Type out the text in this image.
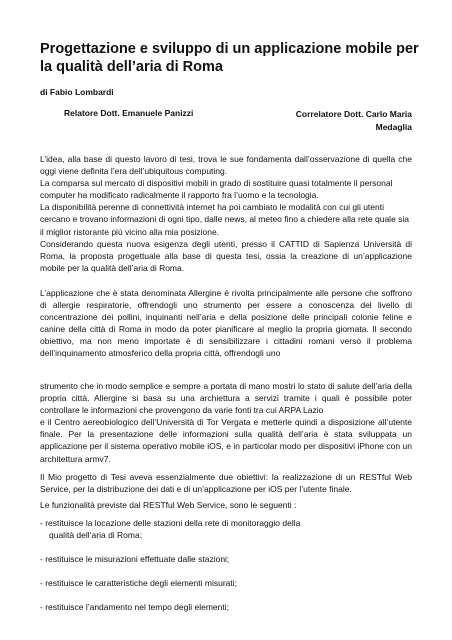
Progettazione e sviluppo di un applicazione mobile per la qualità dell’aria di Roma
di Fabio Lombardi
Relatore Dott. Emanuele Panizzi	Correlatore Dott. Carlo Maria Medaglia

L’idea, alla base di questo lavoro di tesi, trova le sue fondamenta dall’osservazione di quella che oggi viene definita l’era dell’ubiquitous computing.

La comparsa sul mercato di dispositivi mobili in grado di sostituire quasi totalmente il personal computer ha modificato radicalmente il rapporto fra l’uomo e la tecnologia.

La disponibilità perenne di connettività internet ha poi cambiato le modalità con cui gli utenti cercano e trovano informazioni di ogni tipo, dalle news, al meteo fino a chiedere alla rete quale sia il miglior ristorante più vicino alla mia posizione.

Considerando questa nuova esigenza degli utenti, presso il CATTID di Sapienza Università di Roma, la proposta progettuale alla base di questa tesi, ossia la creazione di un’applicazione mobile per la qualità dell’aria di Roma.
L’applicazione che è stata denominata Allergine è rivolta principalmente alle persone che soffrono di allergie respiratorie, offrendogli uno strumento per essere a conoscenza del livello di concentrazione dei pollini, inquinanti nell’aria e della posizione delle principali colonie feline e canine della città di Roma in modo da poter pianificare al meglio la propria giornata. Il secondo obiettivo, ma non meno importate è di sensibilizzare i cittadini romani verso il problema dell’inquinamento atmosferico della propria città, offrendogli uno

strumento che in modo semplice e sempre a portata di mano mostri lo stato di salute dell’aria della propria città. Allergine si basa su una archiettura a servizi tramite i quali è possibile poter controllare le informazioni che provengono da varie fonti tra cui ARPA Lazio

e il Centro aereobiologico dell’Università di Tor Vergata e metterle quindi a disposizione all’utente finale. Per la presentazione delle informazioni sulla qualità dell’aria è stata sviluppata un applicazione per il sistema operativo mobile iOS, e in particolar modo per dispositivi iPhone con un architettura armv7.

Il Mio progetto di Tesi aveva essenzialmente due obiettivi: la realizzazione di un RESTful Web Service, per la distribuzione dei dati e di un’applicazione per iOS per l’utente finale.
Le funzionalità previste dal RESTful Web Service, sono le seguenti :
- restituisce la locazione delle stazioni della rete di monitoraggio della
qualità dell’aria di Roma;
- restituisce le misurazioni effettuate dalle stazioni;
- restituisce le caratteristiche degli elementi misurati;
- restituisce l’andamento nel tempo degli elementi;
